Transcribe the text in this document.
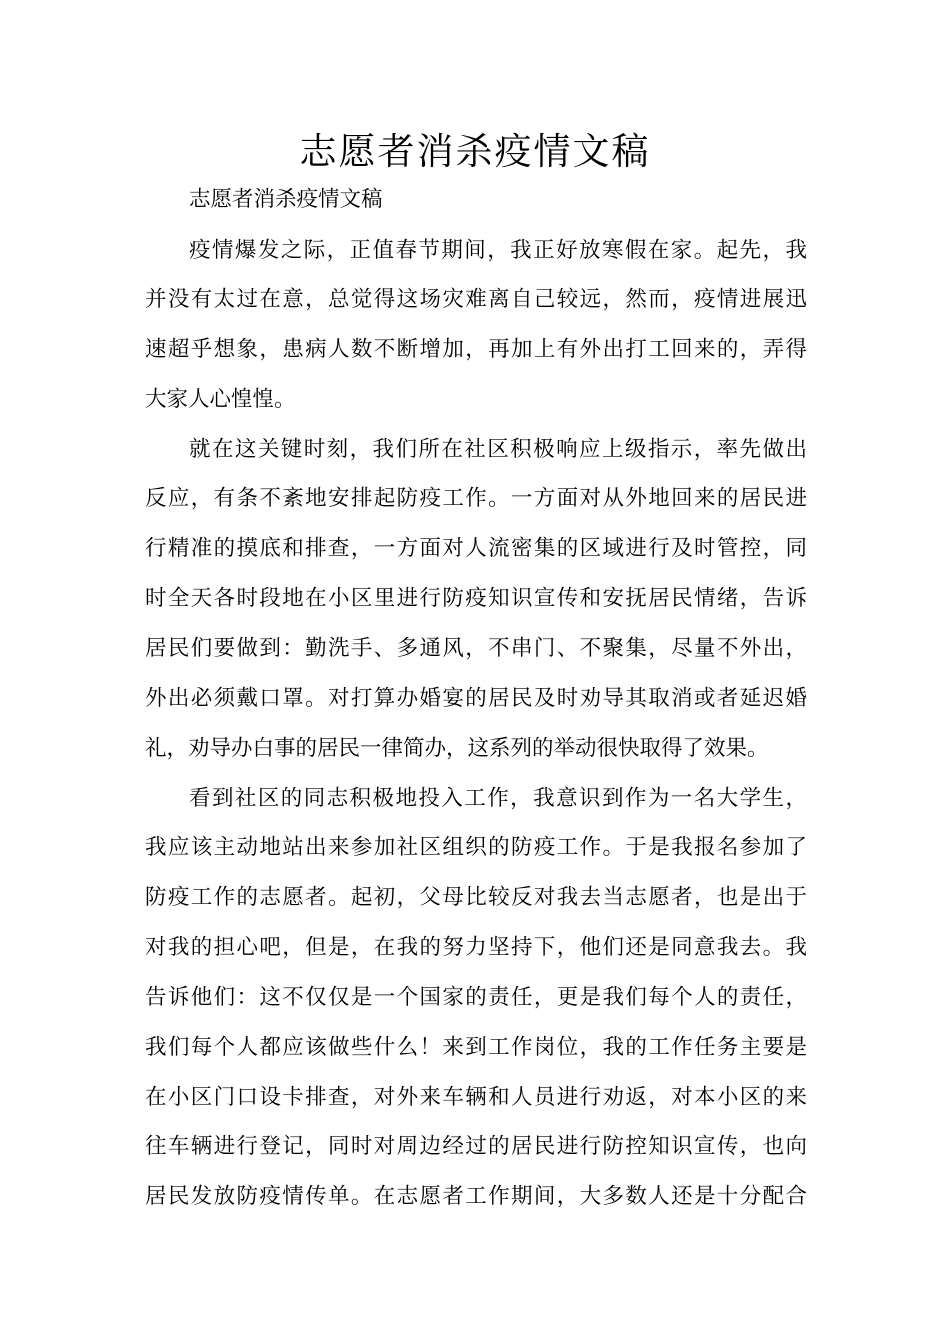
志愿者消杀疫情文稿

志愿者消杀疫情文稿

疫情爆发之际，正值春节期间，我正好放寒假在家。起先，我

并没有太过在意，总觉得这场灾难离自己较远，然而，疫情进展迅

速超乎想象，患病人数不断增加，再加上有外出打工回来的，弄得

大家人心惶惶。

就在这关键时刻，我们所在社区积极响应上级指示，率先做出

反应，有条不紊地安排起防疫工作。一方面对从外地回来的居民进

行精准的摸底和排查，一方面对人流密集的区域进行及时管控，同

时全天各时段地在小区里进行防疫知识宣传和安抚居民情绪，告诉

居民们要做到：勤洗手、多通风，不串门、不聚集，尽量不外出，

外出必须戴口罩。对打算办婚宴的居民及时劝导其取消或者延迟婚

礼，劝导办白事的居民一律简办，这系列的举动很快取得了效果。

看到社区的同志积极地投入工作，我意识到作为一名大学生，

我应该主动地站出来参加社区组织的防疫工作。于是我报名参加了

防疫工作的志愿者。起初，父母比较反对我去当志愿者，也是出于

对我的担心吧，但是，在我的努力坚持下，他们还是同意我去。我

告诉他们：这不仅仅是一个国家的责任，更是我们每个人的责任，

我们每个人都应该做些什么！来到工作岗位，我的工作任务主要是

在小区门口设卡排查，对外来车辆和人员进行劝返，对本小区的来

往车辆进行登记，同时对周边经过的居民进行防控知识宣传，也向

居民发放防疫情传单。在志愿者工作期间，大多数人还是十分配合
